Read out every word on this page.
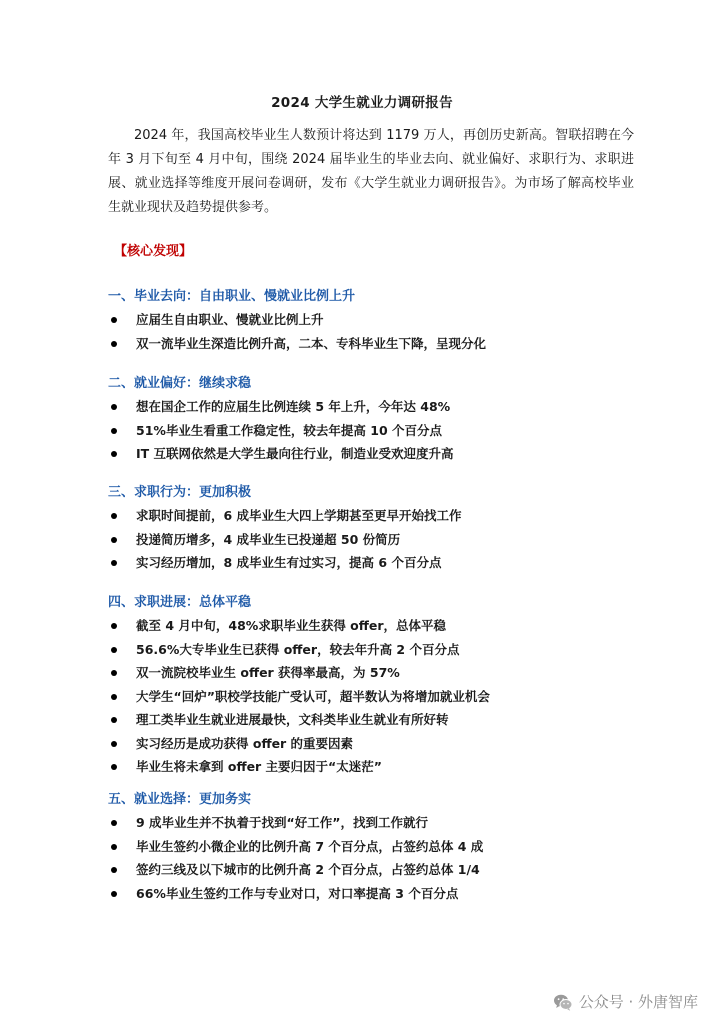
2024 大学生就业力调研报告

2024 年，我国高校毕业生人数预计将达到 1179 万人，再创历史新高。智联招聘在今年 3 月下旬至 4 月中旬，围绕 2024 届毕业生的毕业去向、就业偏好、求职行为、求职进展、就业选择等维度开展问卷调研，发布《大学生就业力调研报告》。为市场了解高校毕业生就业现状及趋势提供参考。

【核心发现】
一、毕业去向：自由职业、慢就业比例上升
应届生自由职业、慢就业比例上升
双一流毕业生深造比例升高，二本、专科毕业生下降，呈现分化
二、就业偏好：继续求稳
想在国企工作的应届生比例连续 5 年上升，今年达 48%
51%毕业生看重工作稳定性，较去年提高 10 个百分点
IT 互联网依然是大学生最向往行业，制造业受欢迎度升高
三、求职行为：更加积极
求职时间提前，6 成毕业生大四上学期甚至更早开始找工作
投递简历增多，4 成毕业生已投递超 50 份简历
实习经历增加，8 成毕业生有过实习，提高 6 个百分点
四、求职进展：总体平稳
截至 4 月中旬，48%求职毕业生获得 offer，总体平稳
56.6%大专毕业生已获得 offer，较去年升高 2 个百分点
双一流院校毕业生 offer 获得率最高，为 57%
大学生“回炉”职校学技能广受认可，超半数认为将增加就业机会
理工类毕业生就业进展最快，文科类毕业生就业有所好转
实习经历是成功获得 offer 的重要因素
毕业生将未拿到 offer 主要归因于“太迷茫”
五、就业选择：更加务实
9 成毕业生并不执着于找到“好工作”，找到工作就行
毕业生签约小微企业的比例升高 7 个百分点，占签约总体 4 成
签约三线及以下城市的比例升高 2 个百分点，占签约总体 1/4
66%毕业生签约工作与专业对口，对口率提高 3 个百分点
公众号 · 外唐智库
